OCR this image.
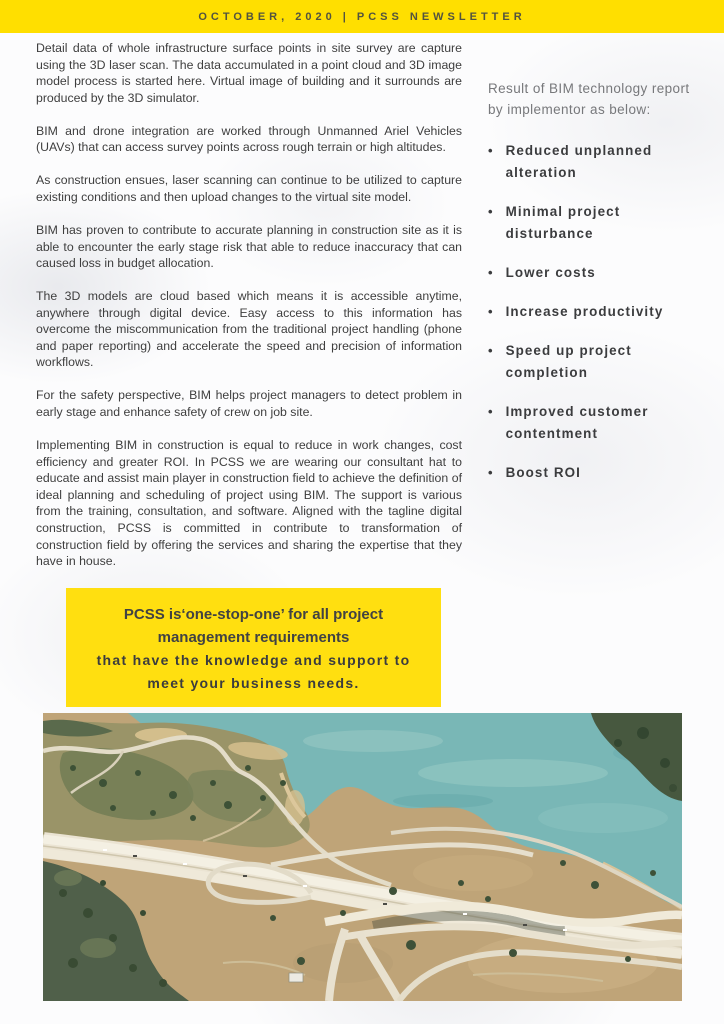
OCTOBER, 2020 | PCSS NEWSLETTER

Detail data of whole infrastructure surface points in site survey are capture using the 3D laser scan. The data accumulated in a point cloud and 3D image model process is started here. Virtual image of building and it surrounds are produced by the 3D simulator.

BIM and drone integration are worked through Unmanned Ariel Vehicles (UAVs) that can access survey points across rough terrain or high altitudes.

As construction ensues, laser scanning can continue to be utilized to capture existing conditions and then upload changes to the virtual site model.

BIM has proven to contribute to accurate planning in construction site as it is able to encounter the early stage risk that able to reduce inaccuracy that can caused loss in budget allocation.

The 3D models are cloud based which means it is accessible anytime, anywhere through digital device. Easy access to this information has overcome the miscommunication from the traditional project handling (phone and paper reporting) and accelerate the speed and precision of information workflows.

For the safety perspective, BIM helps project managers to detect problem in early stage and enhance safety of crew on job site.

Implementing BIM in construction is equal to reduce in work changes, cost efficiency and greater ROI. In PCSS we are wearing our consultant hat to educate and assist main player in construction field to achieve the definition of ideal planning and scheduling of project using BIM. The support is various from the training, consultation, and software. Aligned with the tagline digital construction, PCSS is committed in contribute to transformation of construction field by offering the services and sharing the expertise that they have in house.

Result of BIM technology report by implementor as below:

• Reduced unplanned alteration
• Minimal project disturbance
• Lower costs
• Increase productivity
• Speed up project completion
• Improved customer contentment
• Boost ROI
PCSS is‘one-stop-one’ for all project
management requirements
that have the knowledge and support to
meet your business needs.
